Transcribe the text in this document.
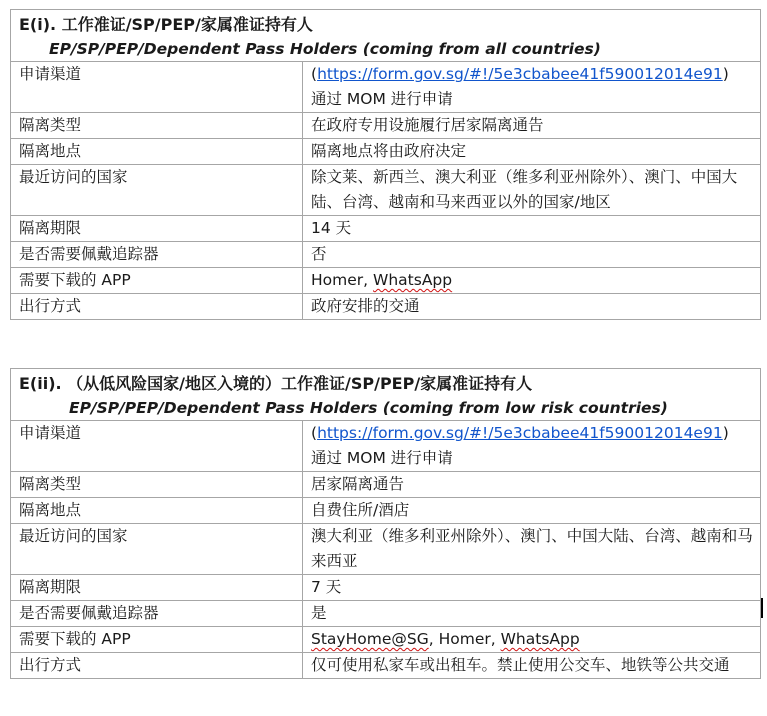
E(i). 工作准证/SP/PEP/家属准证持有人
EP/SP/PEP/Dependent Pass Holders (coming from all countries)	

申请渠道	(https://form.gov.sg/#!/5e3cbabee41f590012014e91)
通过 MOM 进行申请
隔离类型	在政府专用设施履行居家隔离通告
隔离地点	隔离地点将由政府决定
最近访问的国家	除文莱、新西兰、澳大利亚（维多利亚州除外）、澳门、中国大陆、台湾、越南和马来西亚以外的国家/地区
隔离期限	14 天
是否需要佩戴追踪器	否
需要下载的 APP	Homer, WhatsApp
出行方式	政府安排的交通
E(ii). （从低风险国家/地区入境的）工作准证/SP/PEP/家属准证持有人
EP/SP/PEP/Dependent Pass Holders (coming from low risk countries)	

申请渠道	(https://form.gov.sg/#!/5e3cbabee41f590012014e91)
通过 MOM 进行申请
隔离类型	居家隔离通告
隔离地点	自费住所/酒店
最近访问的国家	澳大利亚（维多利亚州除外）、澳门、中国大陆、台湾、越南和马来西亚
隔离期限	7 天
是否需要佩戴追踪器	是
需要下载的 APP	StayHome@SG, Homer, WhatsApp
出行方式	仅可使用私家车或出租车。禁止使用公交车、地铁等公共交通
